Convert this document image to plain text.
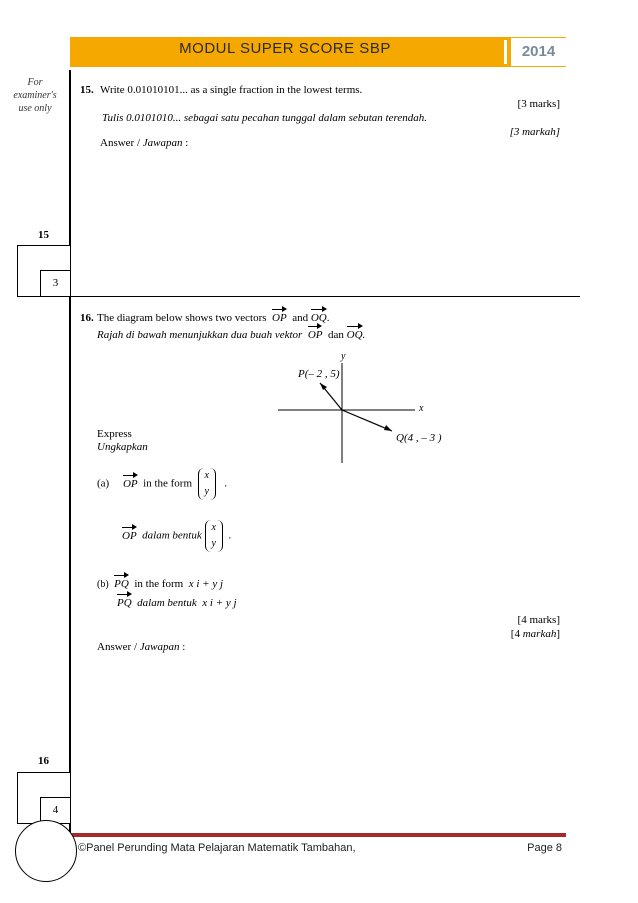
MODUL SUPER SCORE SBP	2014
For
examiner's
use only
15. Write 0.01010101... as a single fraction in the lowest terms.
[3 marks]
Tulis 0.0101010... sebagai satu pecahan tunggal dalam sebutan terendah.
[3 markah]
Answer / Jawapan :
15
3
16. The diagram below shows two vectors OP and OQ.
Rajah di bawah menunjukkan dua buah vektor OP dan OQ.
y
x
P(– 2 , 5)
Q(4 , – 3 )
Express
Ungkapkan
(a) OP in the form  x
y   .
OP dalam bentuk x
y  .
(b) PQ in the form x i + y j
PQ dalam bentuk x i + y j
[4 marks]
[4 markah]
Answer / Jawapan :
16
4
©Panel Perunding Mata Pelajaran Matematik Tambahan,	Page 8
